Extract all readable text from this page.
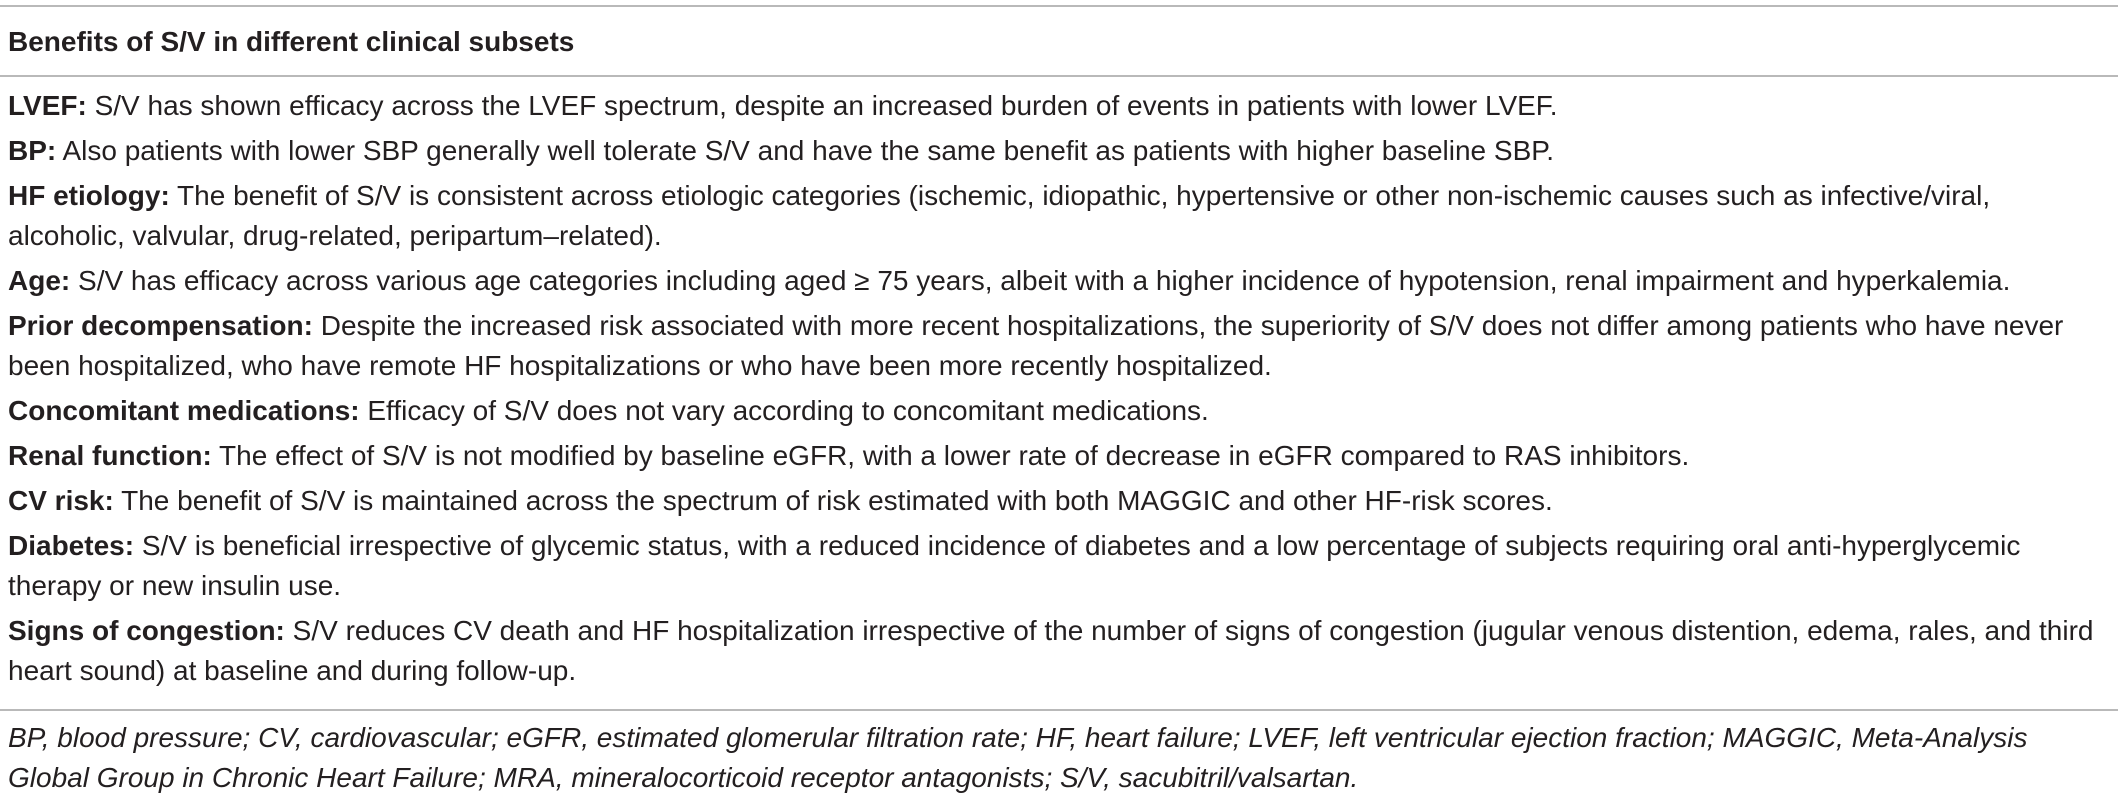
Benefits of S/V in different clinical subsets
LVEF: S/V has shown efficacy across the LVEF spectrum, despite an increased burden of events in patients with lower LVEF.
BP: Also patients with lower SBP generally well tolerate S/V and have the same benefit as patients with higher baseline SBP.
HF etiology: The benefit of S/V is consistent across etiologic categories (ischemic, idiopathic, hypertensive or other non-ischemic causes such as infective/viral, alcoholic, valvular, drug-related, peripartum–related).
Age: S/V has efficacy across various age categories including aged ≥ 75 years, albeit with a higher incidence of hypotension, renal impairment and hyperkalemia.
Prior decompensation: Despite the increased risk associated with more recent hospitalizations, the superiority of S/V does not differ among patients who have never been hospitalized, who have remote HF hospitalizations or who have been more recently hospitalized.
Concomitant medications: Efficacy of S/V does not vary according to concomitant medications.
Renal function: The effect of S/V is not modified by baseline eGFR, with a lower rate of decrease in eGFR compared to RAS inhibitors.
CV risk: The benefit of S/V is maintained across the spectrum of risk estimated with both MAGGIC and other HF-risk scores.
Diabetes: S/V is beneficial irrespective of glycemic status, with a reduced incidence of diabetes and a low percentage of subjects requiring oral anti-hyperglycemic therapy or new insulin use.
Signs of congestion: S/V reduces CV death and HF hospitalization irrespective of the number of signs of congestion (jugular venous distention, edema, rales, and third heart sound) at baseline and during follow-up.
BP, blood pressure; CV, cardiovascular; eGFR, estimated glomerular filtration rate; HF, heart failure; LVEF, left ventricular ejection fraction; MAGGIC, Meta-Analysis Global Group in Chronic Heart Failure; MRA, mineralocorticoid receptor antagonists; S/V, sacubitril/valsartan.
